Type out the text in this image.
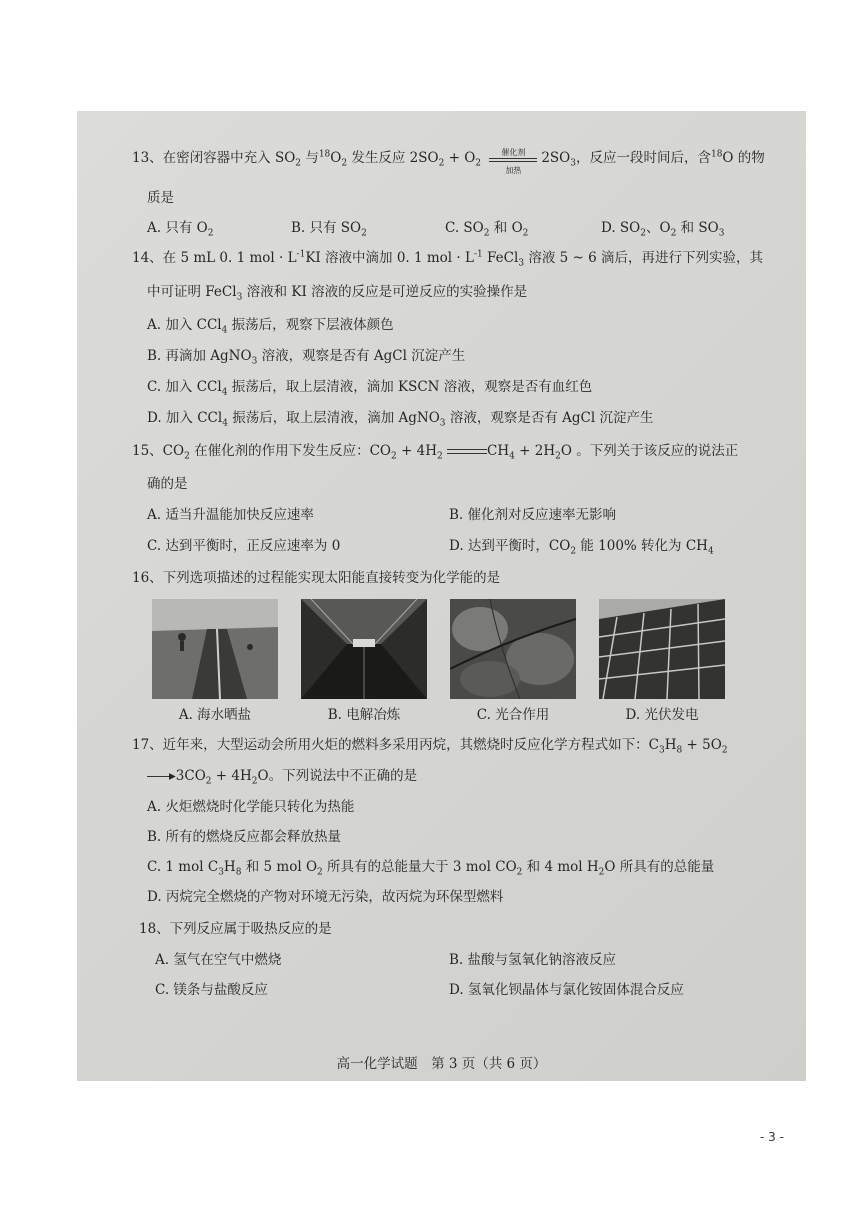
13、在密闭容器中充入 $SO_2$ 与$^{18}O_2$ 发生反应 $2SO_2 + O_2$
催化剂
加热
$2SO_3$，反应一段时间后，含$^{18}$O 的物
质是
A. 只有 $O_2$	B. 只有 $SO_2$	C. $SO_2$ 和 $O_2$	D. $SO_2$、$O_2$ 和 $SO_3$
14、在 5 mL 0. 1 mol · $L^{-1}KI$ 溶液中滴加 0. 1 mol · $L^{-1}$ FeCl$_3$ 溶液 5 ~ 6 滴后，再进行下列实验，其
中可证明 FeCl$_3$ 溶液和 KI 溶液的反应是可逆反应的实验操作是
A. 加入 CCl$_4$ 振荡后，观察下层液体颜色
B. 再滴加 AgNO$_3$ 溶液，观察是否有 AgCl 沉淀产生
C. 加入 CCl$_4$ 振荡后，取上层清液，滴加 KSCN 溶液，观察是否有血红色
D. 加入 CCl$_4$ 振荡后，取上层清液，滴加 AgNO$_3$ 溶液，观察是否有 AgCl 沉淀产生
15、$CO_2$ 在催化剂的作用下发生反应：$CO_2 + 4H_2$	$CH_4 + 2H_2O$ 。下列关于该反应的说法正
确的是
A. 适当升温能加快反应速率	B. 催化剂对反应速率无影响
C. 达到平衡时，正反应速率为 0	D. 达到平衡时，$CO_2$ 能 100% 转化为 $CH_4$
16、下列选项描述的过程能实现太阳能直接转变为化学能的是
A. 海水晒盐	B. 电解冶炼	C. 光合作用	D. 光伏发电
17、近年来，大型运动会所用火炬的燃料多采用丙烷，其燃烧时反应化学方程式如下：$C_3H_8 + 5O_2$
$▸3CO_2 + 4H_2O$。下列说法中不正确的是
A. 火炬燃烧时化学能只转化为热能
B. 所有的燃烧反应都会释放热量
C. 1 mol $C_3H_8$ 和 5 mol $O_2$ 所具有的总能量大于 3 mol $CO_2$ 和 4 mol $H_2O$ 所具有的总能量
D. 丙烷完全燃烧的产物对环境无污染，故丙烷为环保型燃料
18、下列反应属于吸热反应的是
A. 氢气在空气中燃烧	B. 盐酸与氢氧化钠溶液反应
C. 镁条与盐酸反应	D. 氢氧化钡晶体与氯化铵固体混合反应
高一化学试题　第 3 页（共 6 页）
- 3 -
